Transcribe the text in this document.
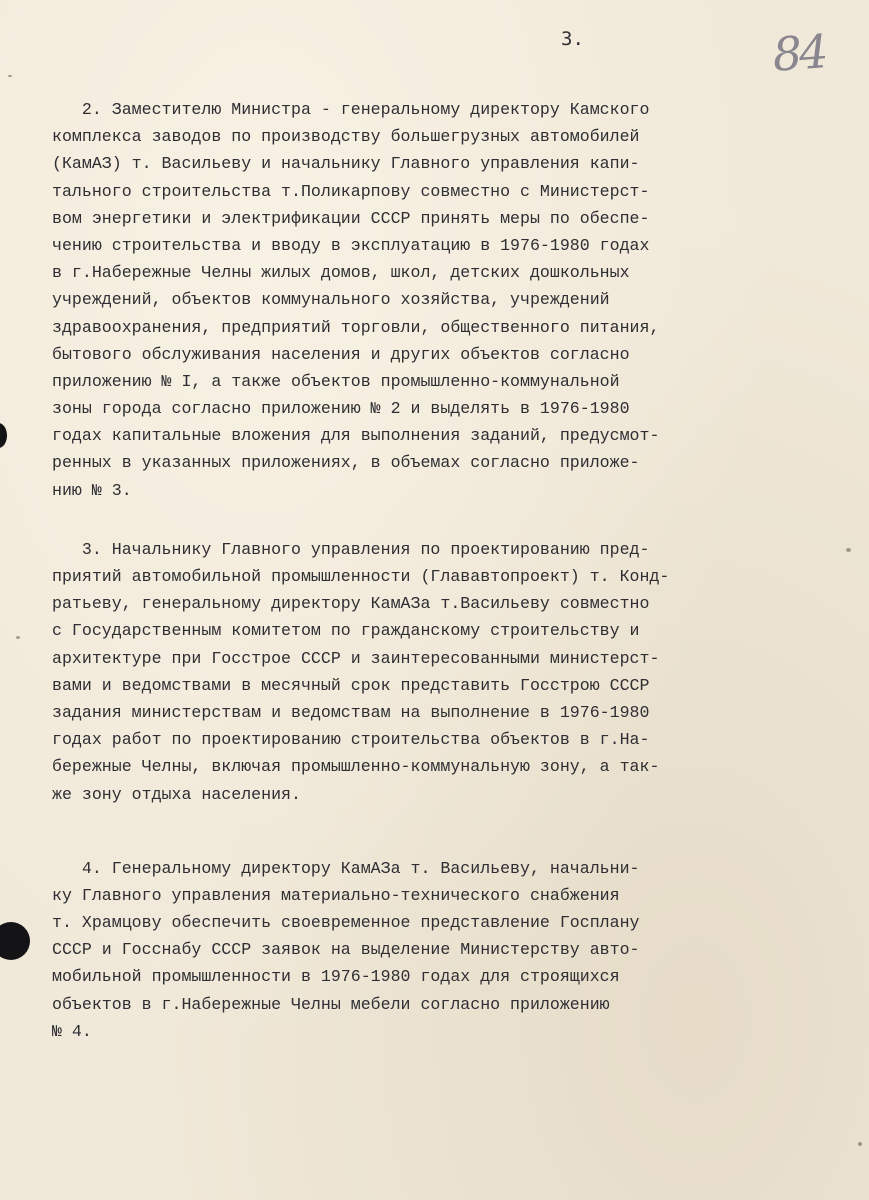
3.	84
2. Заместителю Министра - генеральному директору Камского
комплекса заводов по производству большегрузных автомобилей
(КамАЗ) т. Васильеву и начальнику Главного управления капи-
тального строительства т.Поликарпову совместно с Министерст-
вом энергетики и электрификации СССР принять меры по обеспе-
чению строительства и вводу в эксплуатацию в 1976-1980 годах
в г.Набережные Челны жилых домов, школ, детских дошкольных
учреждений, объектов коммунального хозяйства, учреждений
здравоохранения, предприятий торговли, общественного питания,
бытового обслуживания населения и других объектов согласно
приложению № I, а также объектов промышленно-коммунальной
зоны города согласно приложению № 2 и выделять в 1976-1980
годах капитальные вложения для выполнения заданий, предусмот-
ренных в указанных приложениях, в объемах согласно приложе-
нию № 3.
3. Начальнику Главного управления по проектированию пред-
приятий автомобильной промышленности (Глававтопроект) т. Конд-
ратьеву, генеральному директору КамАЗа т.Васильеву совместно
с Государственным комитетом по гражданскому строительству и
архитектуре при Госстрое СССР и заинтересованными министерст-
вами и ведомствами в месячный срок представить Госстрою СССР
задания министерствам и ведомствам на выполнение в 1976-1980
годах работ по проектированию строительства объектов в г.На-
бережные Челны, включая промышленно-коммунальную зону, а так-
же зону отдыха населения.
4. Генеральному директору КамАЗа т. Васильеву, начальни-
ку Главного управления материально-технического снабжения
т. Храмцову обеспечить своевременное представление Госплану
СССР и Госснабу СССР заявок на выделение Министерству авто-
мобильной промышленности в 1976-1980 годах для строящихся
объектов в г.Набережные Челны мебели согласно приложению
№ 4.
